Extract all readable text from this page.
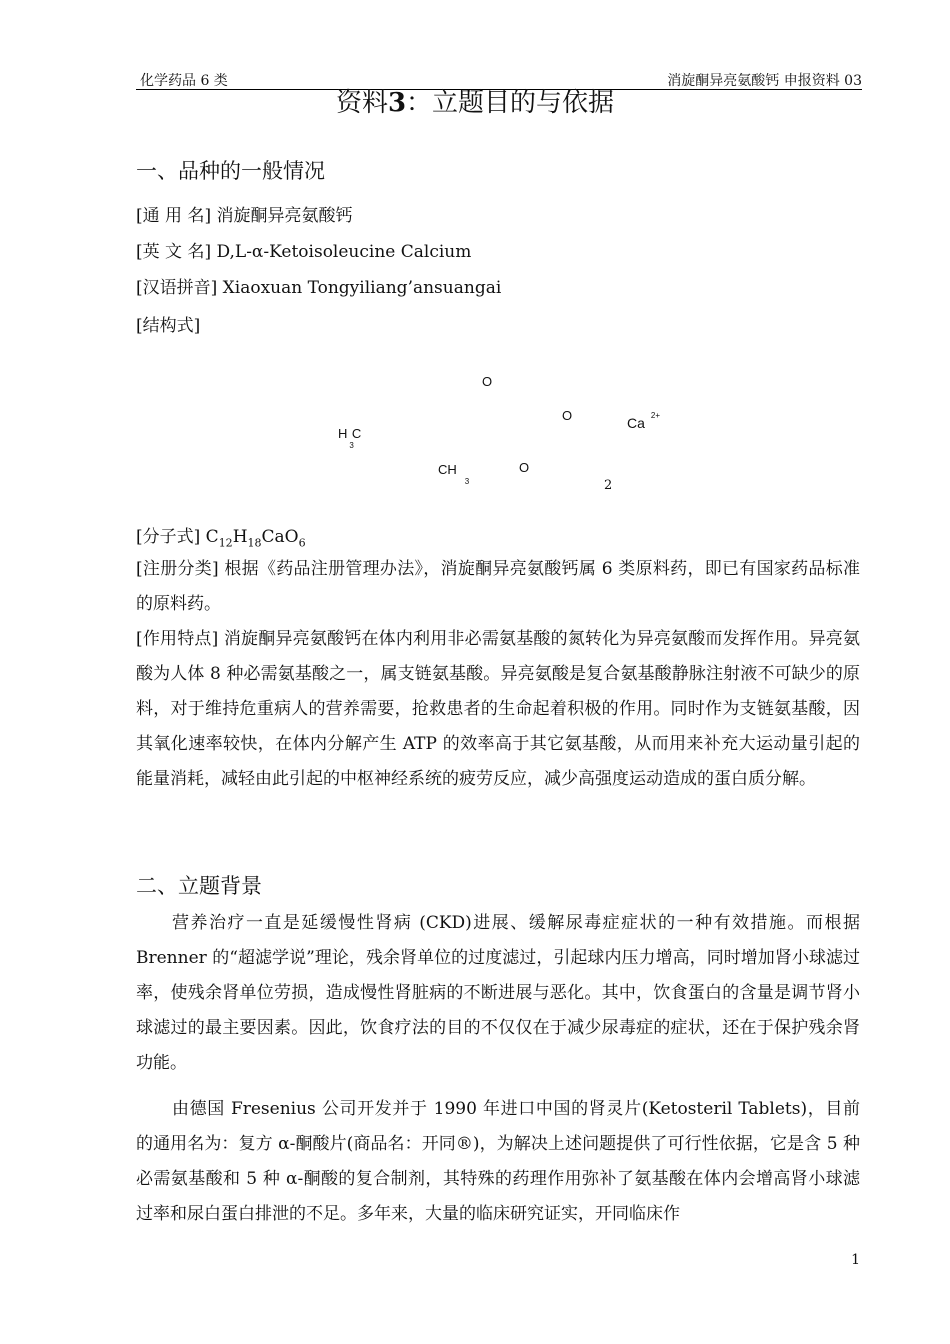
化学药品 6 类	消旋酮异亮氨酸钙 申报资料 03
资料3：立题目的与依据
一、品种的一般情况
[通 用 名] 消旋酮异亮氨酸钙
[英 文 名] D,L-α-Ketoisoleucine Calcium
[汉语拼音] Xiaoxuan Tongyiliang’ansuangai
[结构式]
O
O	Ca $^{2+}$
$H_3C$
$CH_3$
O
2
[分子式] $C_{12}H_{18}CaO_6$
[注册分类] 根据《药品注册管理办法》，消旋酮异亮氨酸钙属 6 类原料药，即已有国家药品标准的原料药。
[作用特点] 消旋酮异亮氨酸钙在体内利用非必需氨基酸的氮转化为异亮氨酸而发挥作用。异亮氨酸为人体 8 种必需氨基酸之一，属支链氨基酸。异亮氨酸是复合氨基酸静脉注射液不可缺少的原料，对于维持危重病人的营养需要，抢救患者的生命起着积极的作用。同时作为支链氨基酸，因其氧化速率较快，在体内分解产生 ATP 的效率高于其它氨基酸，从而用来补充大运动量引起的能量消耗，减轻由此引起的中枢神经系统的疲劳反应，减少高强度运动造成的蛋白质分解。
二、立题背景
营养治疗一直是延缓慢性肾病 (CKD)进展、缓解尿毒症症状的一种有效措施。而根据 Brenner 的“超滤学说”理论，残余肾单位的过度滤过，引起球内压力增高，同时增加肾小球滤过率，使残余肾单位劳损，造成慢性肾脏病的不断进展与恶化。其中，饮食蛋白的含量是调节肾小球滤过的最主要因素。因此，饮食疗法的目的不仅仅在于减少尿毒症的症状，还在于保护残余肾功能。
由德国 Fresenius 公司开发并于 1990 年进口中国的肾灵片(Ketosteril Tablets)，目前的通用名为：复方 α-酮酸片(商品名：开同®)，为解决上述问题提供了可行性依据，它是含 5 种必需氨基酸和 5 种 α-酮酸的复合制剂，其特殊的药理作用弥补了氨基酸在体内会增高肾小球滤过率和尿白蛋白排泄的不足。多年来，大量的临床研究证实，开同临床作
1
